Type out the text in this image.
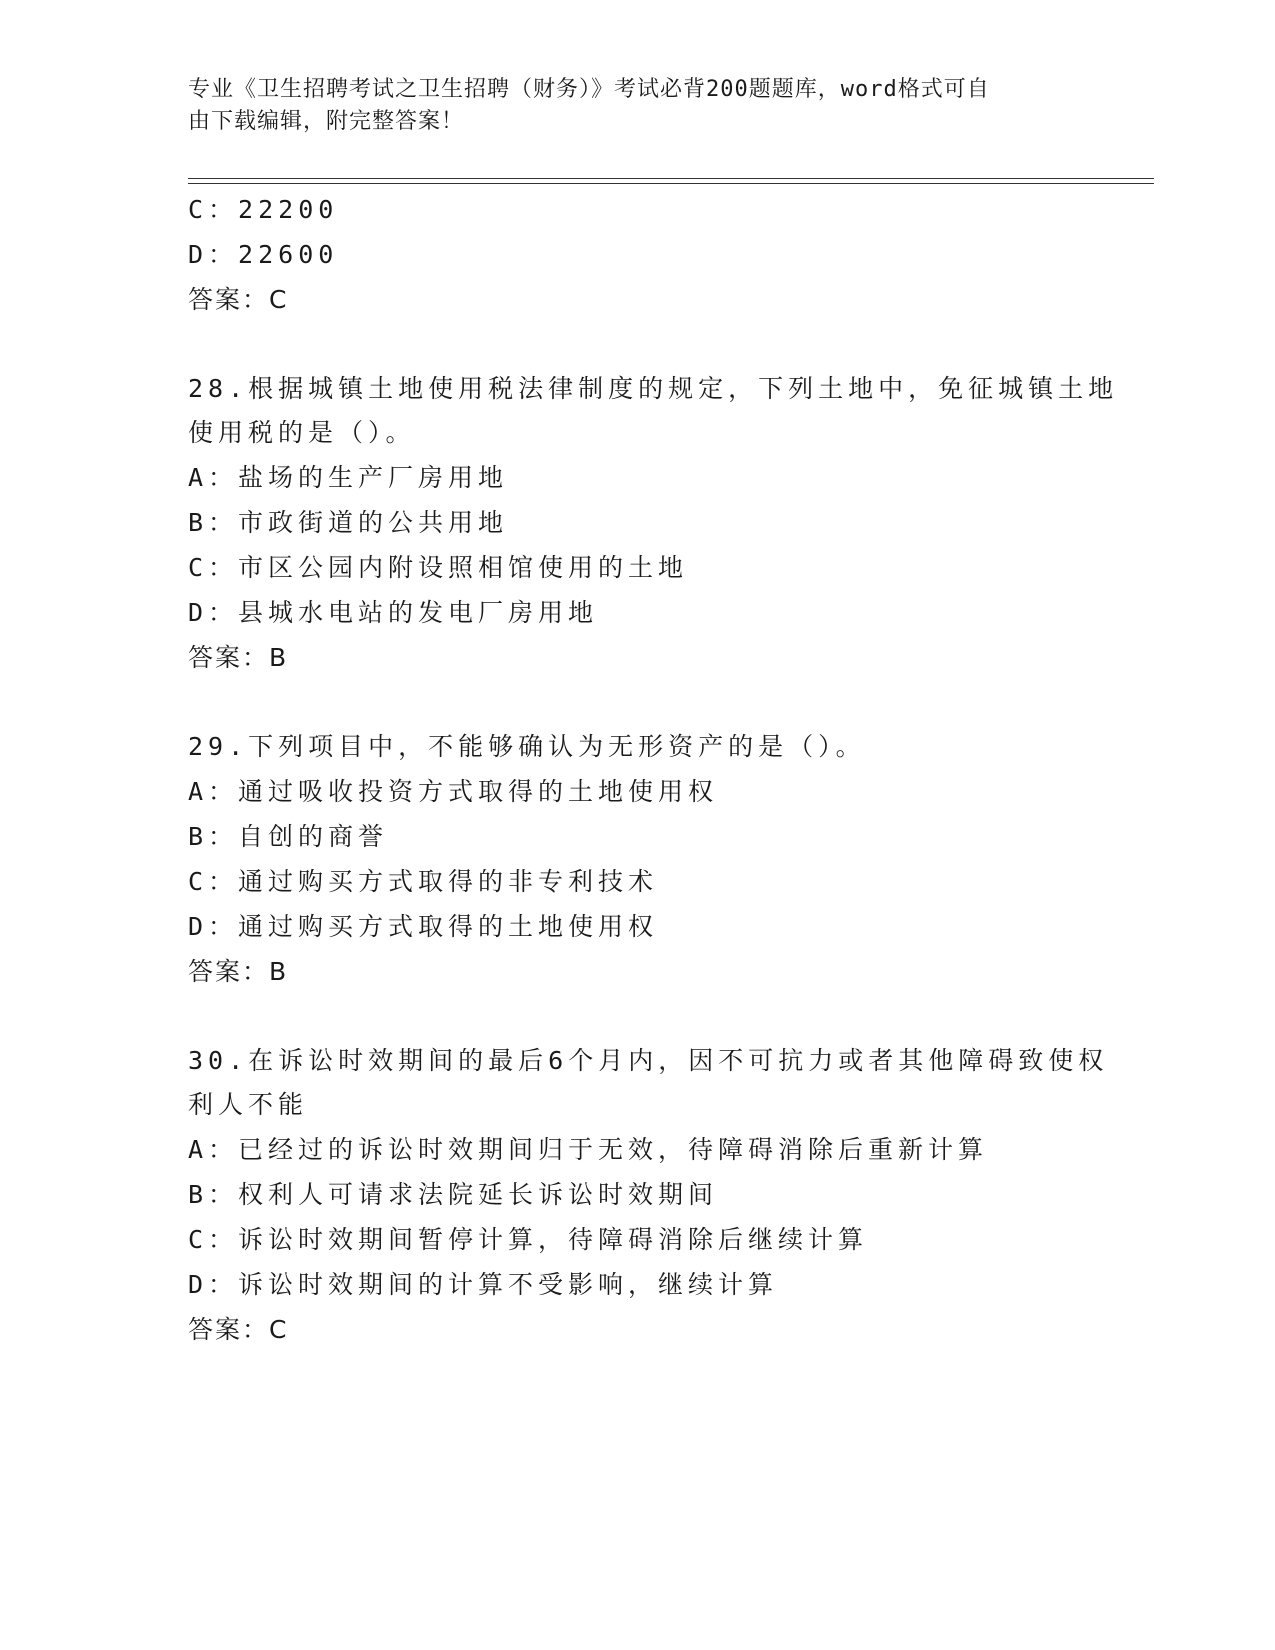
专业《卫生招聘考试之卫生招聘（财务）》考试必背200题题库，word格式可自
由下载编辑，附完整答案！
C：22200
D：22600
答案：C
28.根据城镇土地使用税法律制度的规定，下列土地中，免征城镇土地
使用税的是（）。
A：盐场的生产厂房用地
B：市政街道的公共用地
C：市区公园内附设照相馆使用的土地
D：县城水电站的发电厂房用地
答案：B
29.下列项目中，不能够确认为无形资产的是（）。
A：通过吸收投资方式取得的土地使用权
B：自创的商誉
C：通过购买方式取得的非专利技术
D：通过购买方式取得的土地使用权
答案：B
30.在诉讼时效期间的最后6个月内，因不可抗力或者其他障碍致使权
利人不能
A：已经过的诉讼时效期间归于无效，待障碍消除后重新计算
B：权利人可请求法院延长诉讼时效期间
C：诉讼时效期间暂停计算，待障碍消除后继续计算
D：诉讼时效期间的计算不受影响，继续计算
答案：C
